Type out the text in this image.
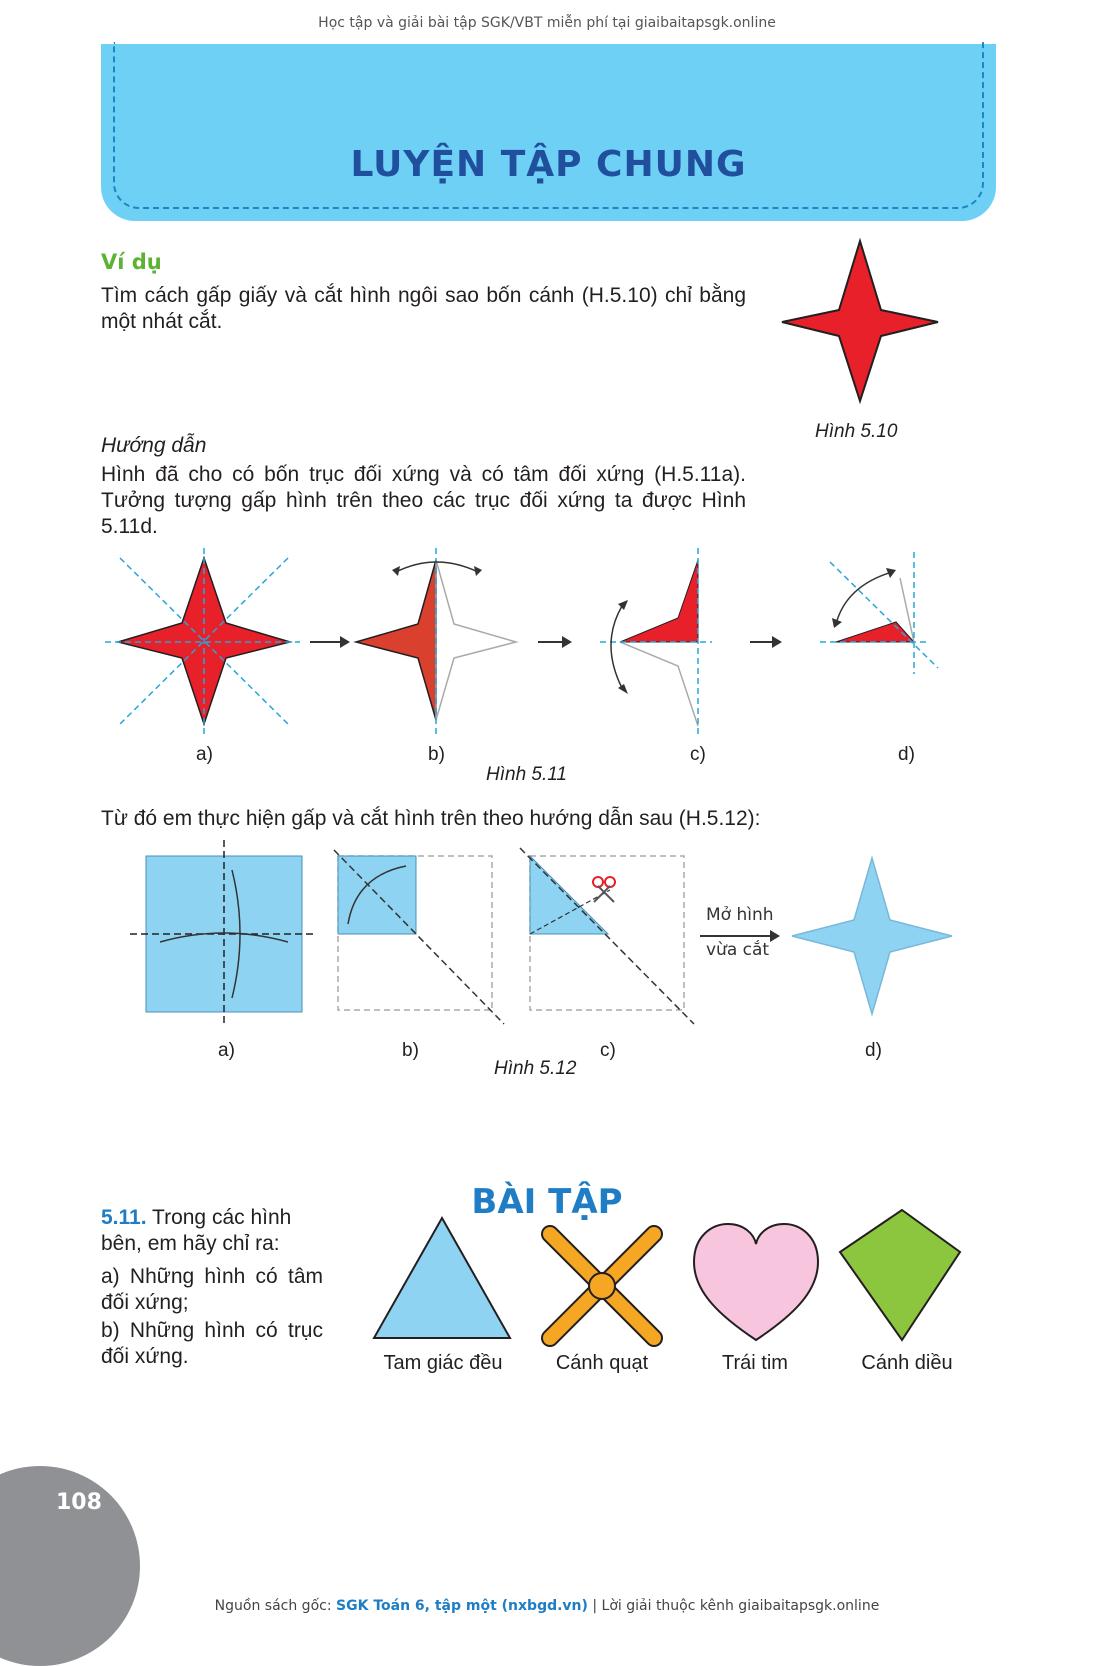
Học tập và giải bài tập SGK/VBT miễn phí tại giaibaitapsgk.online
LUYỆN TẬP CHUNG
Ví dụ
Tìm cách gấp giấy và cắt hình ngôi sao bốn cánh (H.5.10) chỉ bằng một nhát cắt.
Hình 5.10
Hướng dẫn
Hình đã cho có bốn trục đối xứng và có tâm đối xứng (H.5.11a). Tưởng tượng gấp hình trên theo các trục đối xứng ta được Hình 5.11d.
a)	b)	c)	d)
Hình 5.11
Từ đó em thực hiện gấp và cắt hình trên theo hướng dẫn sau (H.5.12):
Mở hình
vừa cắt
a)	b)	c)	d)
Hình 5.12
BÀI TẬP
5.11. Trong các hình bên, em hãy chỉ ra:
a) Những hình có tâm đối xứng;
b) Những hình có trục đối xứng.	Tam giác đều	Cánh quạt	Trái tim	Cánh diều
108
Nguồn sách gốc: SGK Toán 6, tập một (nxbgd.vn) | Lời giải thuộc kênh giaibaitapsgk.online
